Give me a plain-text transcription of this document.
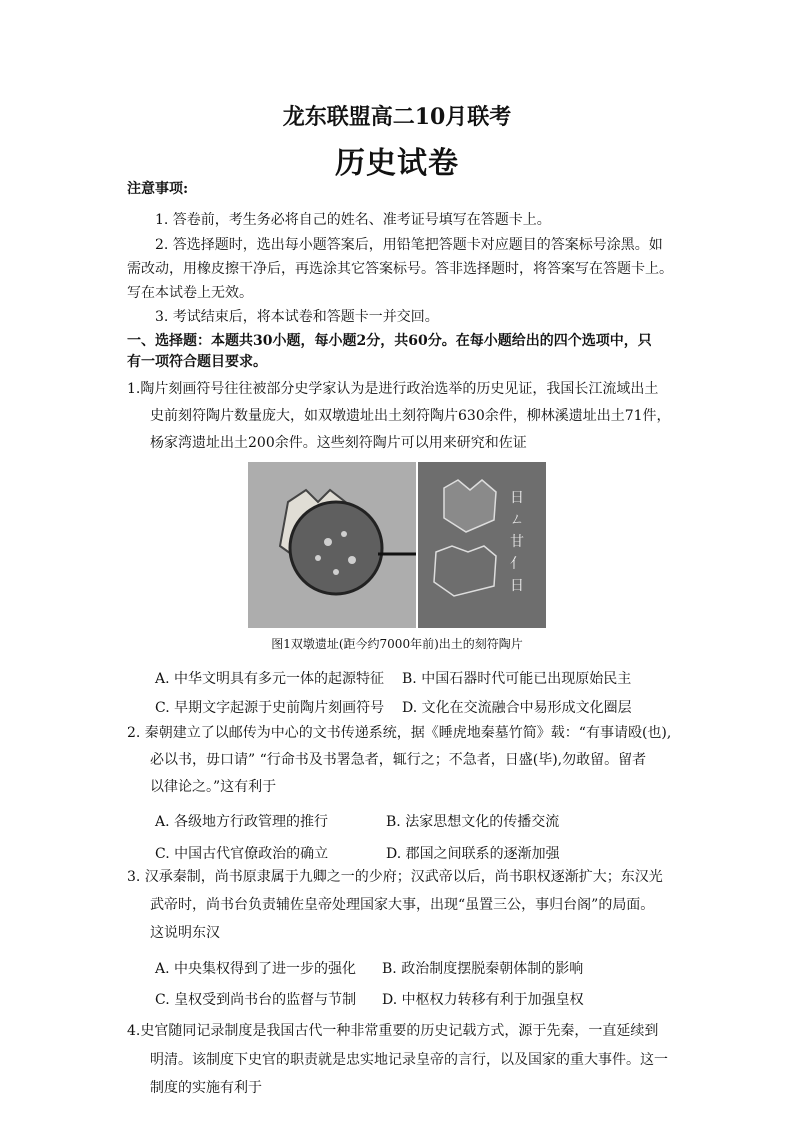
龙东联盟高二10月联考
历史试卷
注意事项:
1. 答卷前，考生务必将自己的姓名、准考证号填写在答题卡上。
2. 答选择题时，选出每小题答案后，用铅笔把答题卡对应题目的答案标号涂黑。如
需改动，用橡皮擦干净后，再选涂其它答案标号。答非选择题时，将答案写在答题卡上。
写在本试卷上无效。
3. 考试结束后，将本试卷和答题卡一并交回。
一、选择题：本题共30小题，每小题2分，共60分。在每小题给出的四个选项中，只
有一项符合题目要求。
1.陶片刻画符号往往被部分史学家认为是进行政治选举的历史见证，我国长江流域出土
史前刻符陶片数量庞大，如双墩遗址出土刻符陶片630余件，柳林溪遗址出土71件，
杨家湾遗址出土200余件。这些刻符陶片可以用来研究和佐证
日
ㄥ
甘
亻
日
图1双墩遗址(距今约7000年前)出土的刻符陶片
A. 中华文明具有多元一体的起源特征 B. 中国石器时代可能已出现原始民主
C. 早期文字起源于史前陶片刻画符号 D. 文化在交流融合中易形成文化圈层
2. 秦朝建立了以邮传为中心的文书传递系统，据《睡虎地秦墓竹简》载：“有事请殴(也),
必以书，毋口请” “行命书及书署急者，辄行之；不急者，日盛(毕),勿敢留。留者
以律论之。”这有利于
A. 各级地方行政管理的推行	B. 法家思想文化的传播交流
C. 中国古代官僚政治的确立	D. 郡国之间联系的逐渐加强
3. 汉承秦制，尚书原隶属于九卿之一的少府；汉武帝以后，尚书职权逐渐扩大；东汉光
武帝时，尚书台负责辅佐皇帝处理国家大事，出现“虽置三公，事归台阁”的局面。
这说明东汉
A. 中央集权得到了进一步的强化 B. 政治制度摆脱秦朝体制的影响
C. 皇权受到尚书台的监督与节制 D. 中枢权力转移有利于加强皇权
4.史官随同记录制度是我国古代一种非常重要的历史记载方式，源于先秦，一直延续到
明清。该制度下史官的职责就是忠实地记录皇帝的言行，以及国家的重大事件。这一
制度的实施有利于
